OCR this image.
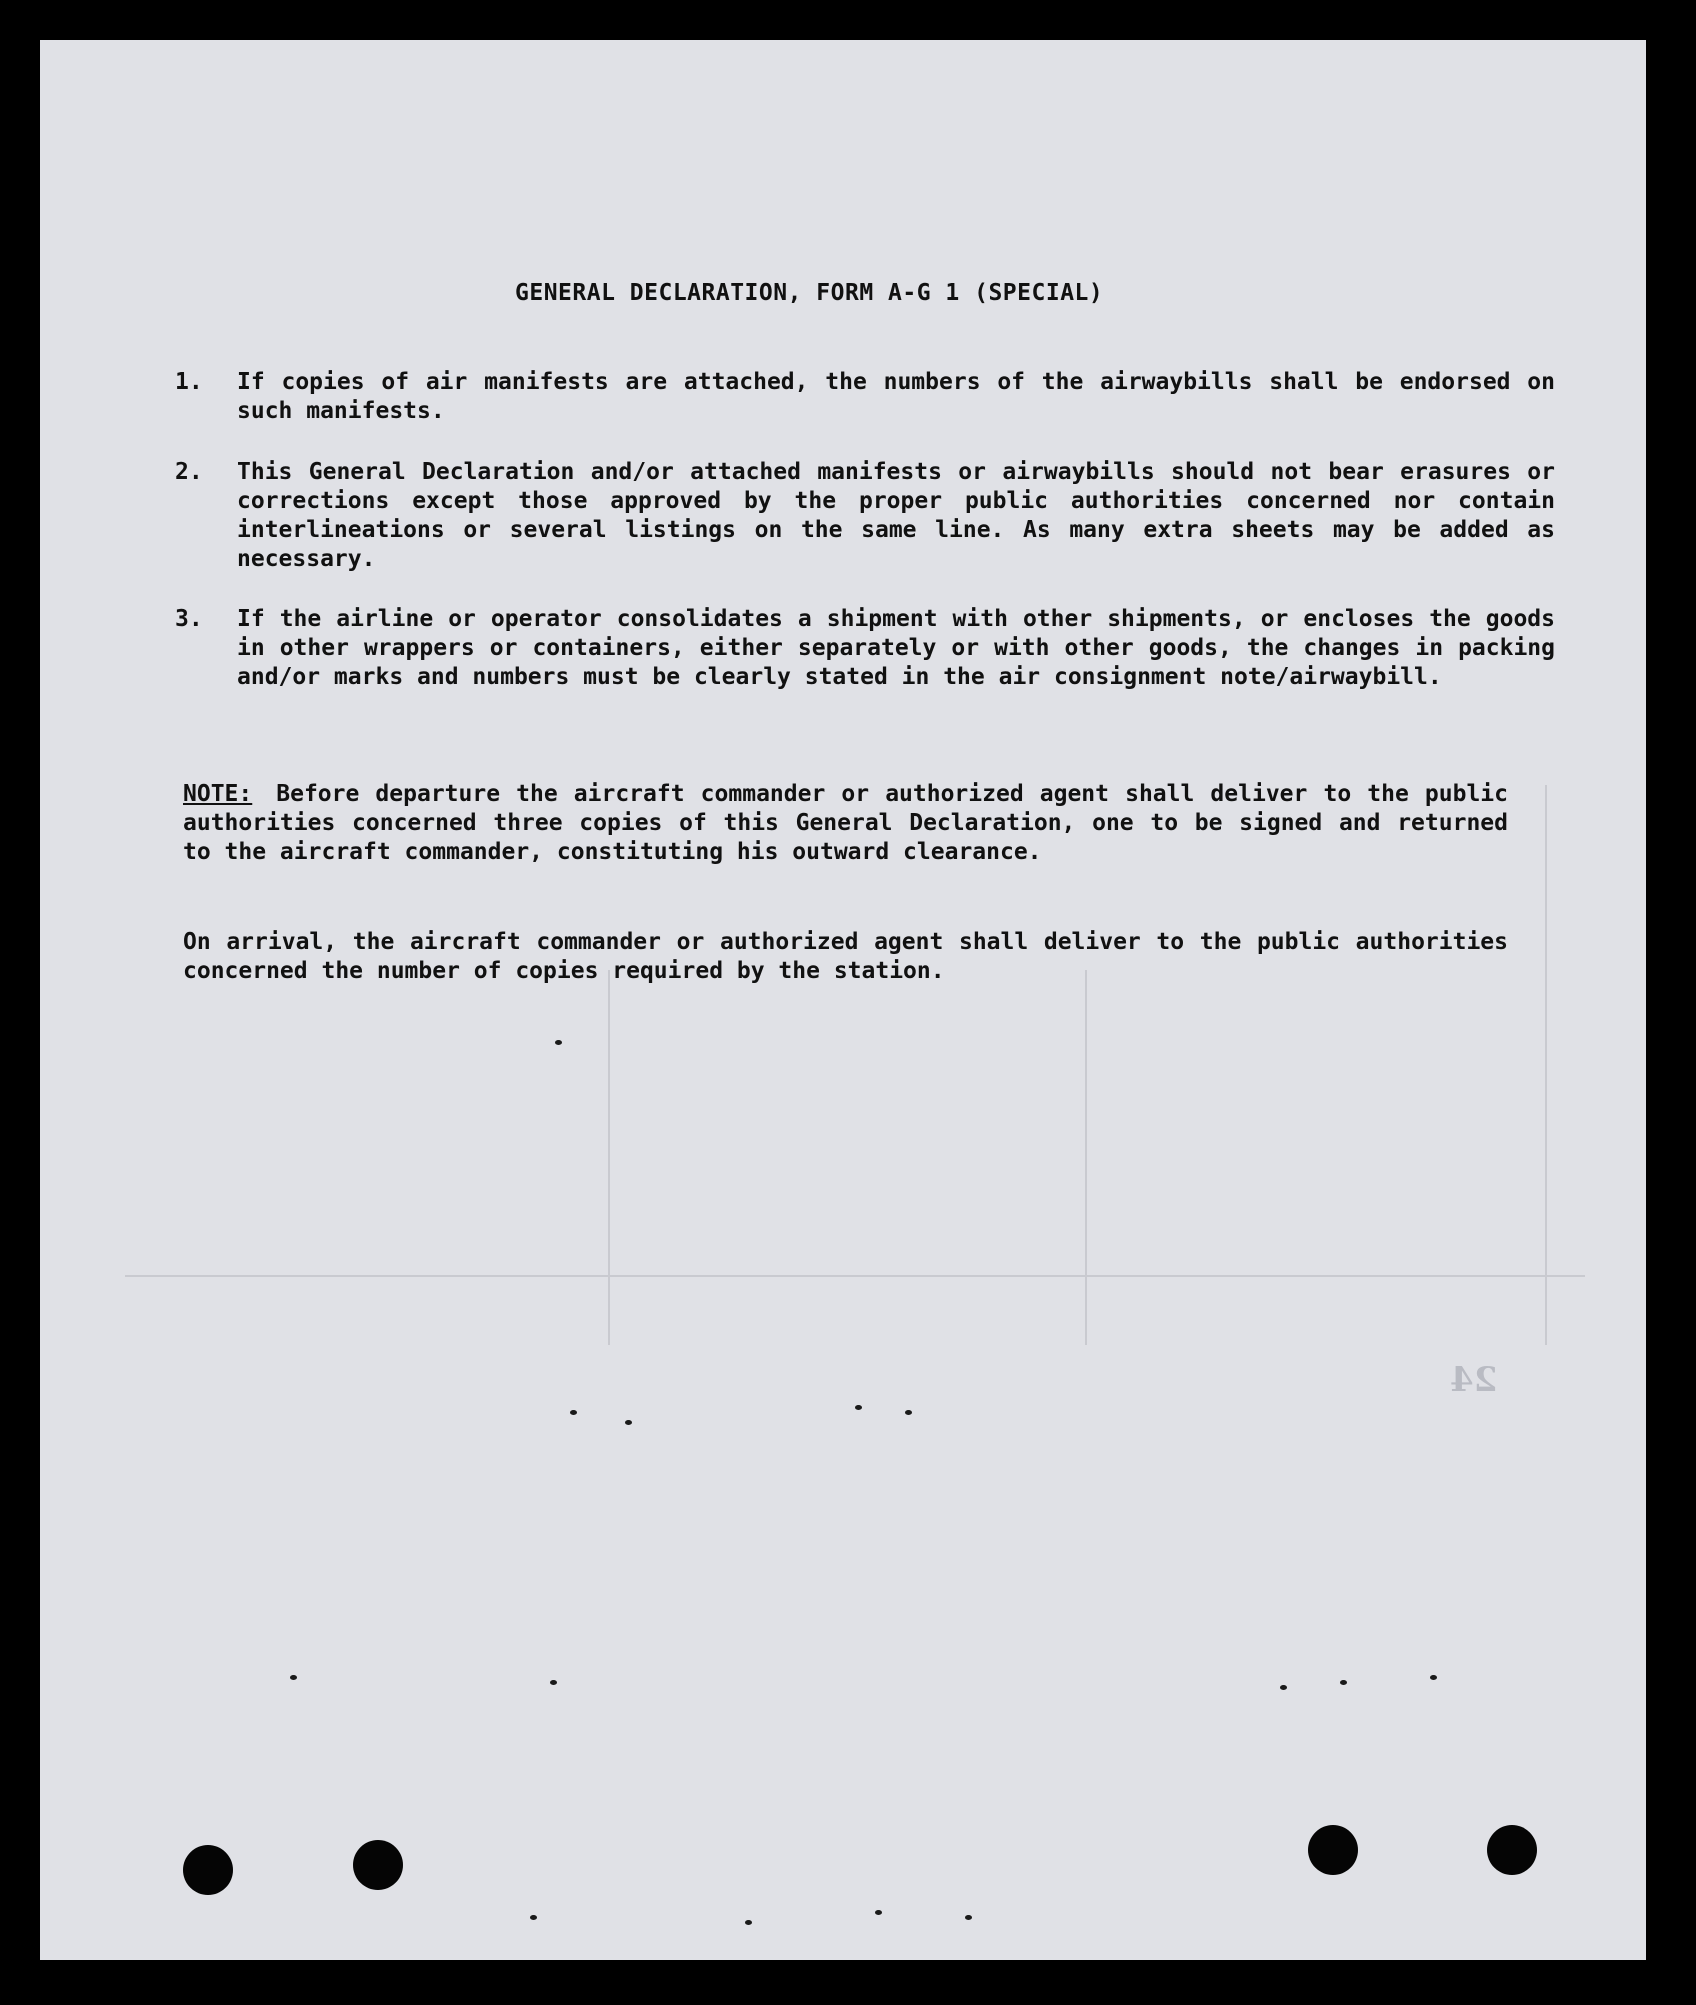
24
GENERAL DECLARATION, FORM A-G 1 (SPECIAL)
1.	If copies of air manifests are attached, the numbers of the airwaybills shall be endorsed on such manifests.
2.	This General Declaration and/or attached manifests or airwaybills should not bear erasures or corrections except those approved by the proper public authorities concerned nor contain interlineations or several listings on the same line. As many extra sheets may be added as necessary.
3.	If the airline or operator consolidates a shipment with other shipments, or encloses the goods in other wrappers or containers, either separately or with other goods, the changes in packing and/or marks and numbers must be clearly stated in the air consignment note/airwaybill.
NOTE: Before departure the aircraft commander or authorized agent shall deliver to the public authorities concerned three copies of this General Declaration, one to be signed and returned to the aircraft commander, constituting his outward clearance.
On arrival, the aircraft commander or authorized agent shall deliver to the public authorities concerned the number of copies required by the station.
